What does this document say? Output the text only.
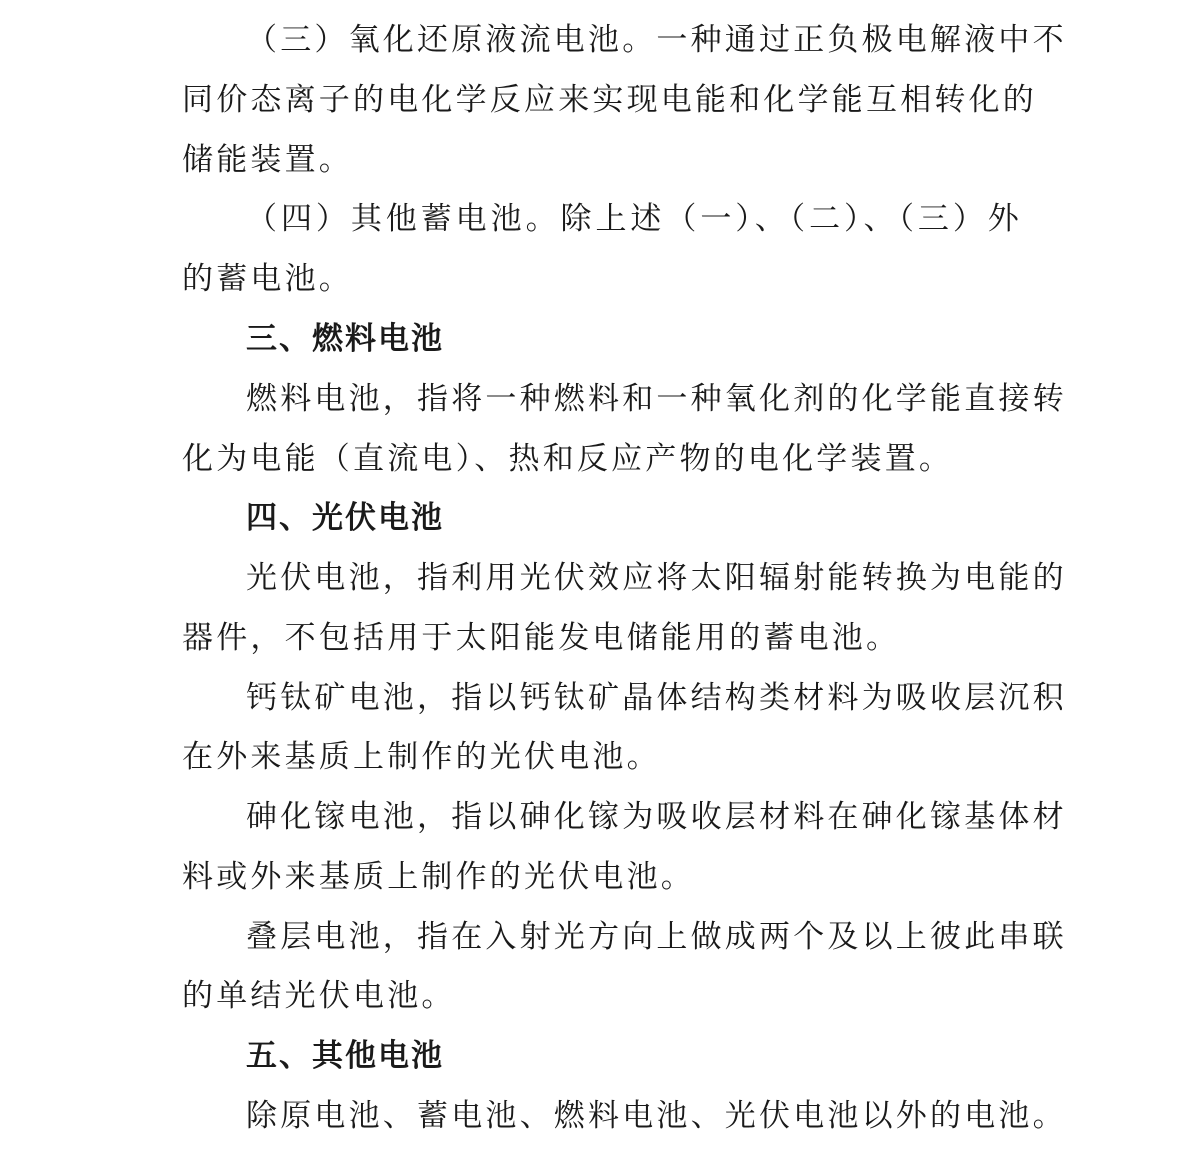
（三）氧化还原液流电池。一种通过正负极电解液中不
同价态离子的电化学反应来实现电能和化学能互相转化的
储能装置。
（四）其他蓄电池。除上述（一）、（二）、（三）外
的蓄电池。
三、燃料电池
燃料电池，指将一种燃料和一种氧化剂的化学能直接转
化为电能（直流电）、热和反应产物的电化学装置。
四、光伏电池
光伏电池，指利用光伏效应将太阳辐射能转换为电能的
器件，不包括用于太阳能发电储能用的蓄电池。
钙钛矿电池，指以钙钛矿晶体结构类材料为吸收层沉积
在外来基质上制作的光伏电池。
砷化镓电池，指以砷化镓为吸收层材料在砷化镓基体材
料或外来基质上制作的光伏电池。
叠层电池，指在入射光方向上做成两个及以上彼此串联
的单结光伏电池。
五、其他电池
除原电池、蓄电池、燃料电池、光伏电池以外的电池。
